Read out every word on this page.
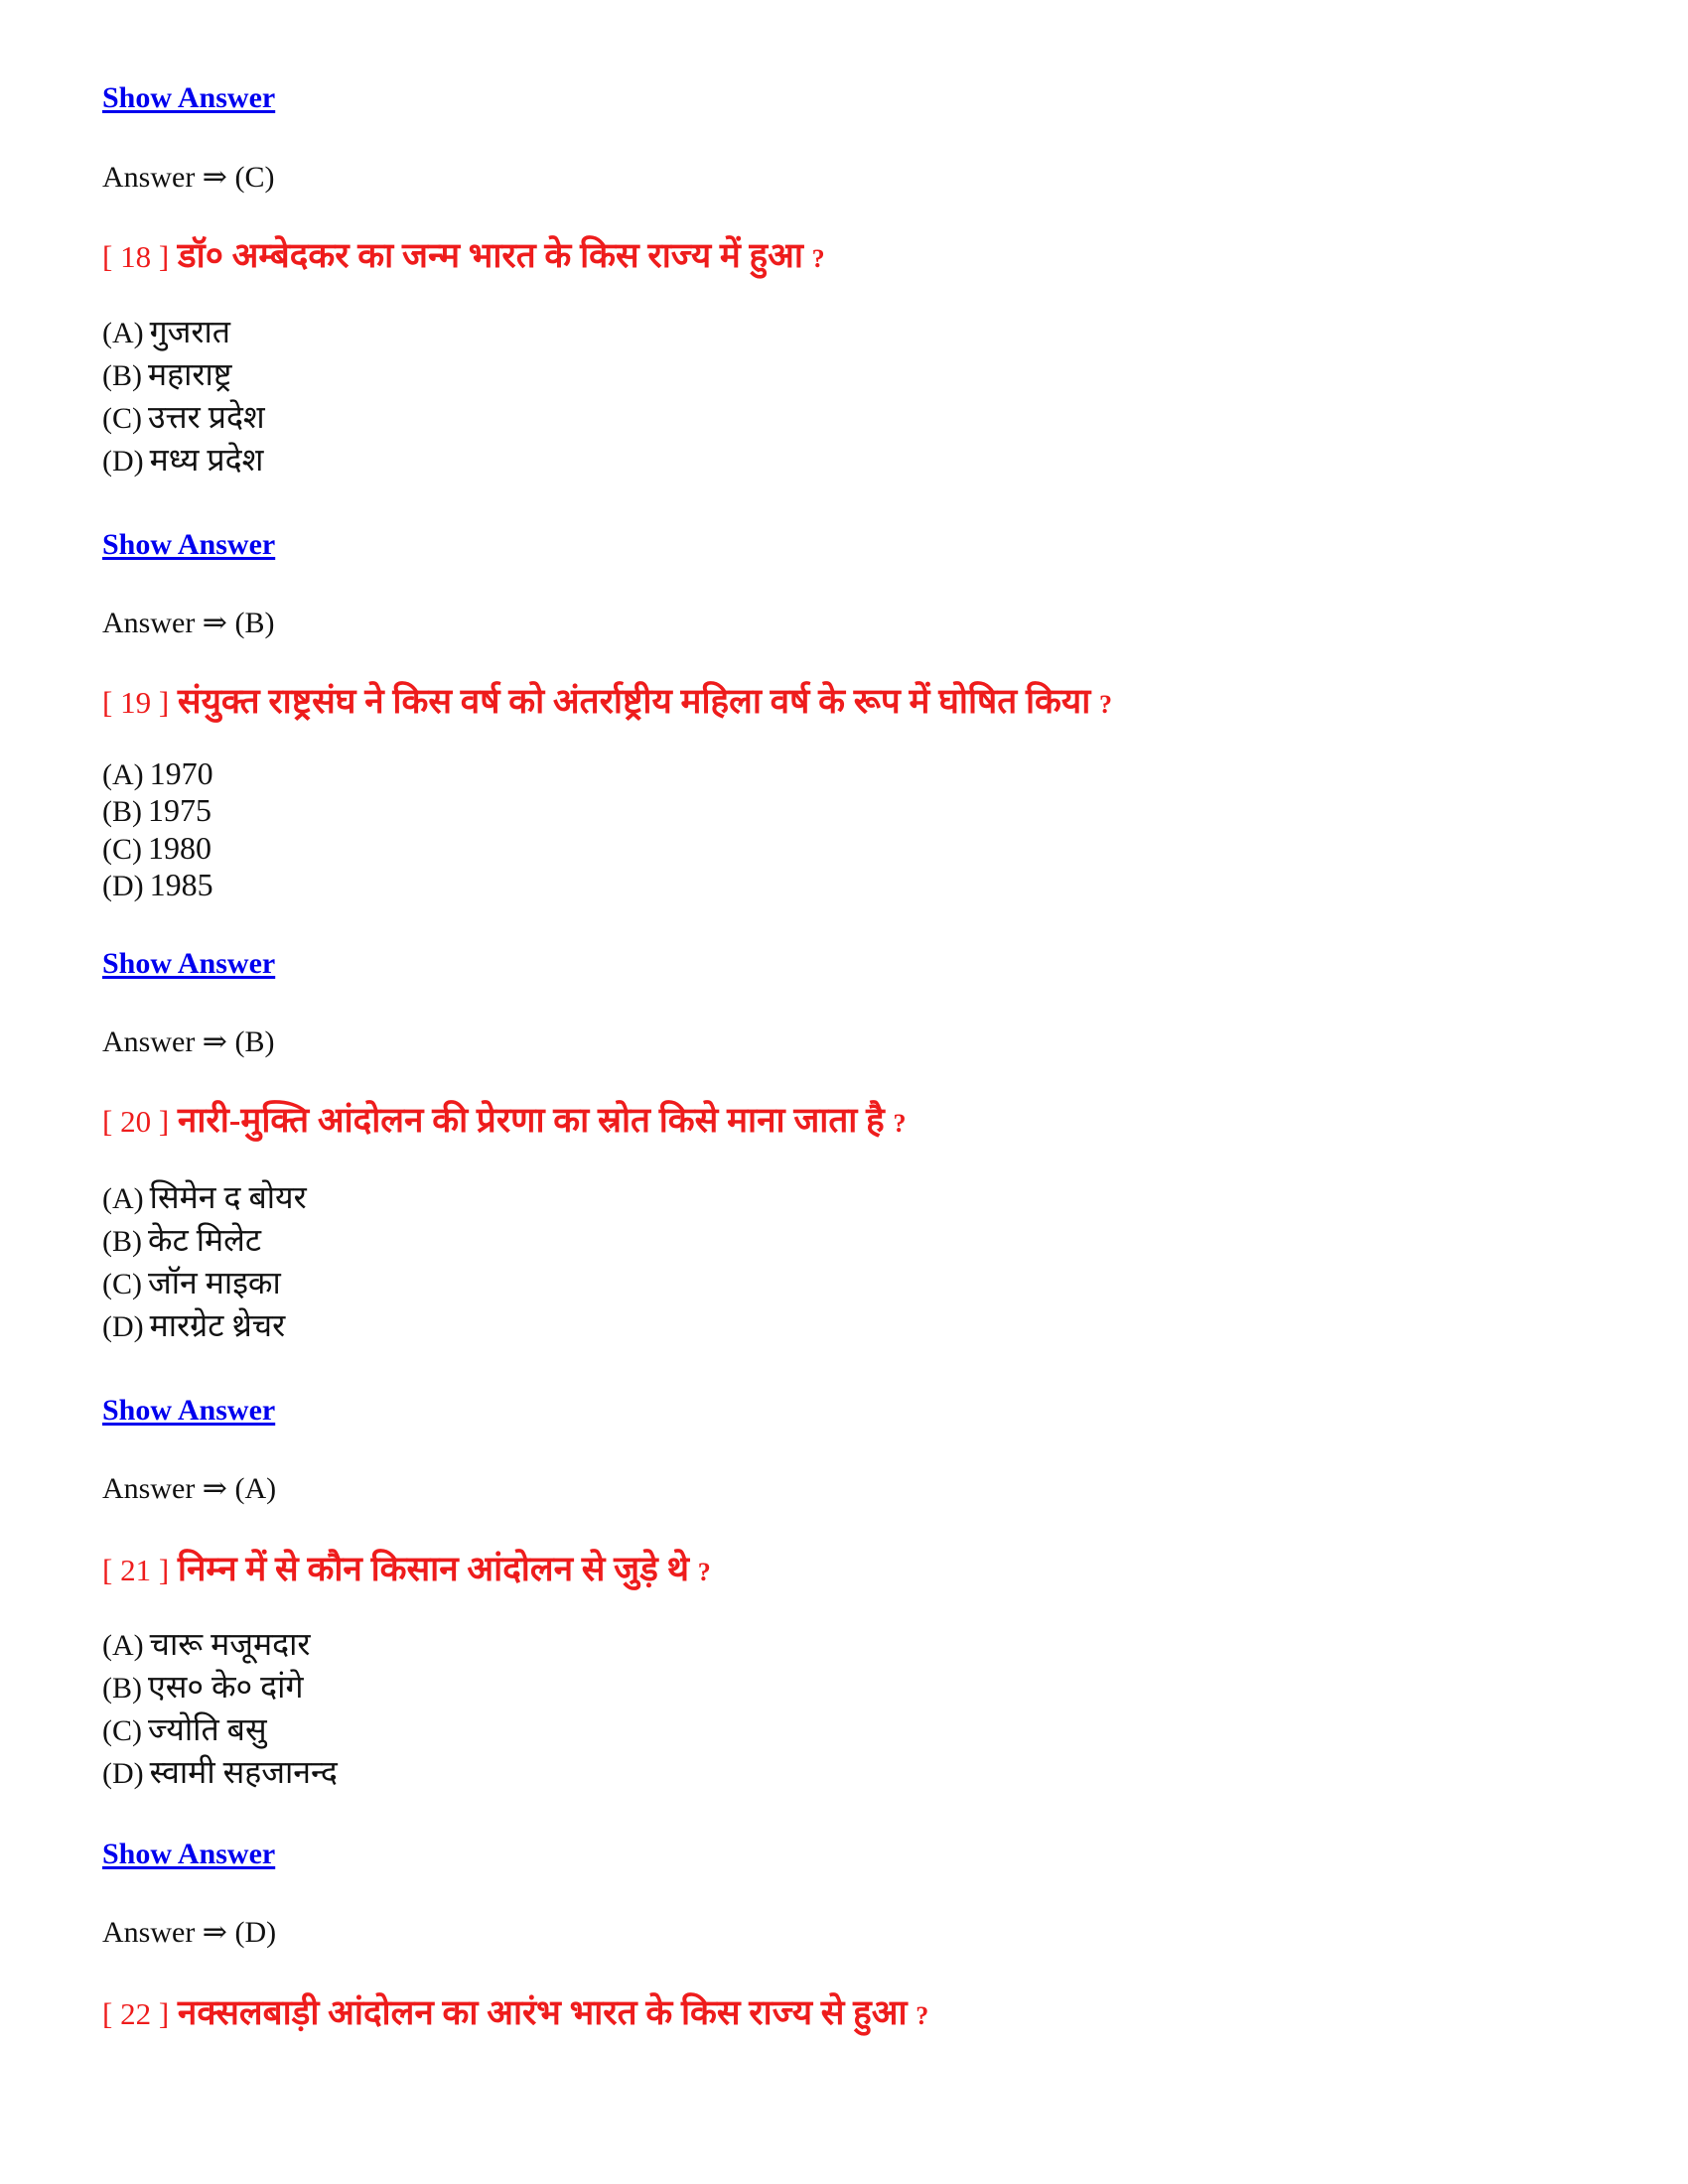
Show Answer
Answer ⇒ (C)
[ 18 ] डॉ० अम्बेदकर का जन्म भारत के किस राज्य में हुआ ?
(A) गुजरात
(B) महाराष्ट्र
(C) उत्तर प्रदेश
(D) मध्य प्रदेश
Show Answer
Answer ⇒ (B)
[ 19 ] संयुक्त राष्ट्रसंघ ने किस वर्ष को अंतर्राष्ट्रीय महिला वर्ष के रूप में घोषित किया ?
(A) 1970
(B) 1975
(C) 1980
(D) 1985
Show Answer
Answer ⇒ (B)
[ 20 ] नारी-मुक्ति आंदोलन की प्रेरणा का स्रोत किसे माना जाता है ?
(A) सिमेन द बोयर
(B) केट मिलेट
(C) जॉन माइका
(D) मारग्रेट थ्रेचर
Show Answer
Answer ⇒ (A)
[ 21 ] निम्न में से कौन किसान आंदोलन से जुड़े थे ?
(A) चारू मजूमदार
(B) एस० के० दांगे
(C) ज्योति बसु
(D) स्वामी सहजानन्द
Show Answer
Answer ⇒ (D)
[ 22 ] नक्सलबाड़ी आंदोलन का आरंभ भारत के किस राज्य से हुआ ?
